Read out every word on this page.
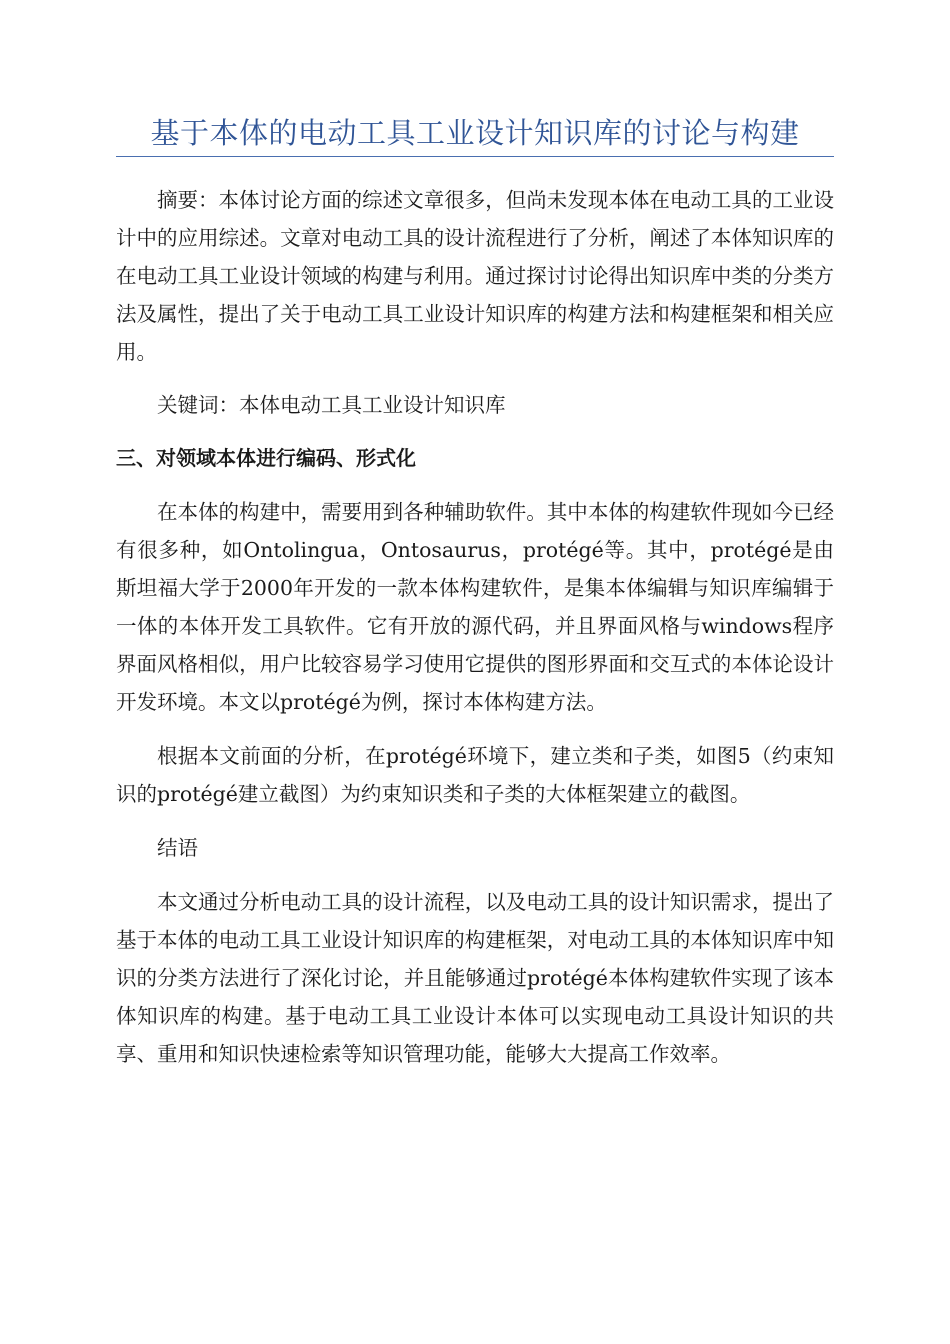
基于本体的电动工具工业设计知识库的讨论与构建

摘要：本体讨论方面的综述文章很多，但尚未发现本体在电动工具的工业设计中的应用综述。文章对电动工具的设计流程进行了分析，阐述了本体知识库的在电动工具工业设计领域的构建与利用。通过探讨讨论得出知识库中类的分类方法及属性，提出了关于电动工具工业设计知识库的构建方法和构建框架和相关应用。

关键词：本体电动工具工业设计知识库

三、对领域本体进行编码、形式化

在本体的构建中，需要用到各种辅助软件。其中本体的构建软件现如今已经有很多种，如Ontolingua，Ontosaurus，protégé等。其中，protégé是由斯坦福大学于2000年开发的一款本体构建软件，是集本体编辑与知识库编辑于一体的本体开发工具软件。它有开放的源代码，并且界面风格与windows程序界面风格相似，用户比较容易学习使用它提供的图形界面和交互式的本体论设计开发环境。本文以protégé为例，探讨本体构建方法。

根据本文前面的分析，在protégé环境下，建立类和子类，如图5（约束知识的protégé建立截图）为约束知识类和子类的大体框架建立的截图。

结语

本文通过分析电动工具的设计流程，以及电动工具的设计知识需求，提出了基于本体的电动工具工业设计知识库的构建框架，对电动工具的本体知识库中知识的分类方法进行了深化讨论，并且能够通过protégé本体构建软件实现了该本体知识库的构建。基于电动工具工业设计本体可以实现电动工具设计知识的共享、重用和知识快速检索等知识管理功能，能够大大提高工作效率。
